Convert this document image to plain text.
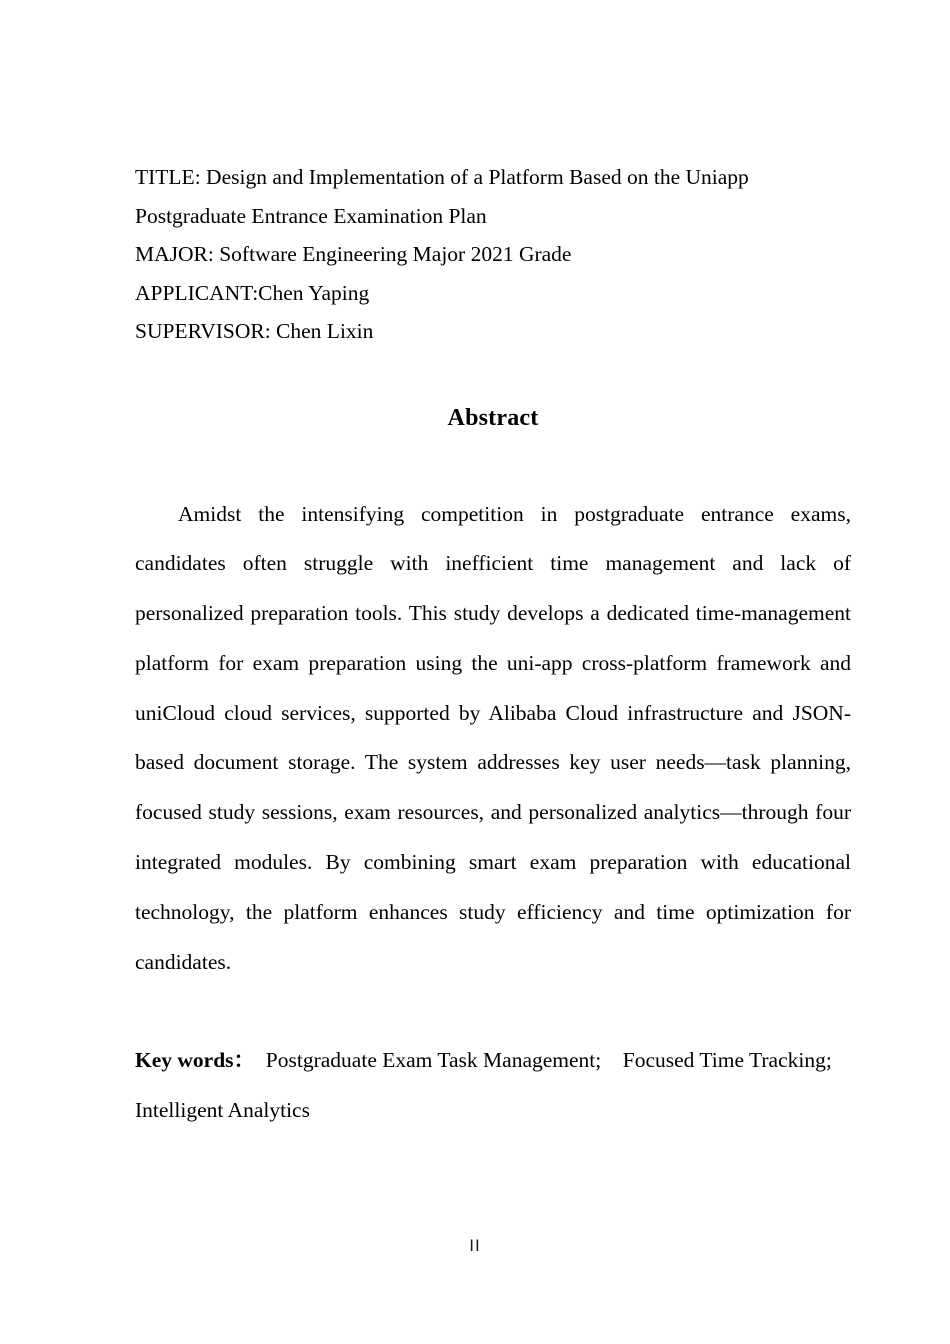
TITLE: Design and Implementation of a Platform Based on the Uniapp
Postgraduate Entrance Examination Plan
MAJOR: Software Engineering Major 2021 Grade
APPLICANT:Chen Yaping
SUPERVISOR: Chen Lixin
Abstract
Amidst the intensifying competition in postgraduate entrance exams, candidates often struggle with inefficient time management and lack of personalized preparation tools. This study develops a dedicated time-management platform for exam preparation using the uni-app cross-platform framework and uniCloud cloud services, supported by Alibaba Cloud infrastructure and JSON-based document storage. The system addresses key user needs—task planning, focused study sessions, exam resources, and personalized analytics—through four integrated modules. By combining smart exam preparation with educational technology, the platform enhances study efficiency and time optimization for candidates.
Key words：  Postgraduate Exam Task Management;    Focused Time Tracking; Intelligent Analytics
II
